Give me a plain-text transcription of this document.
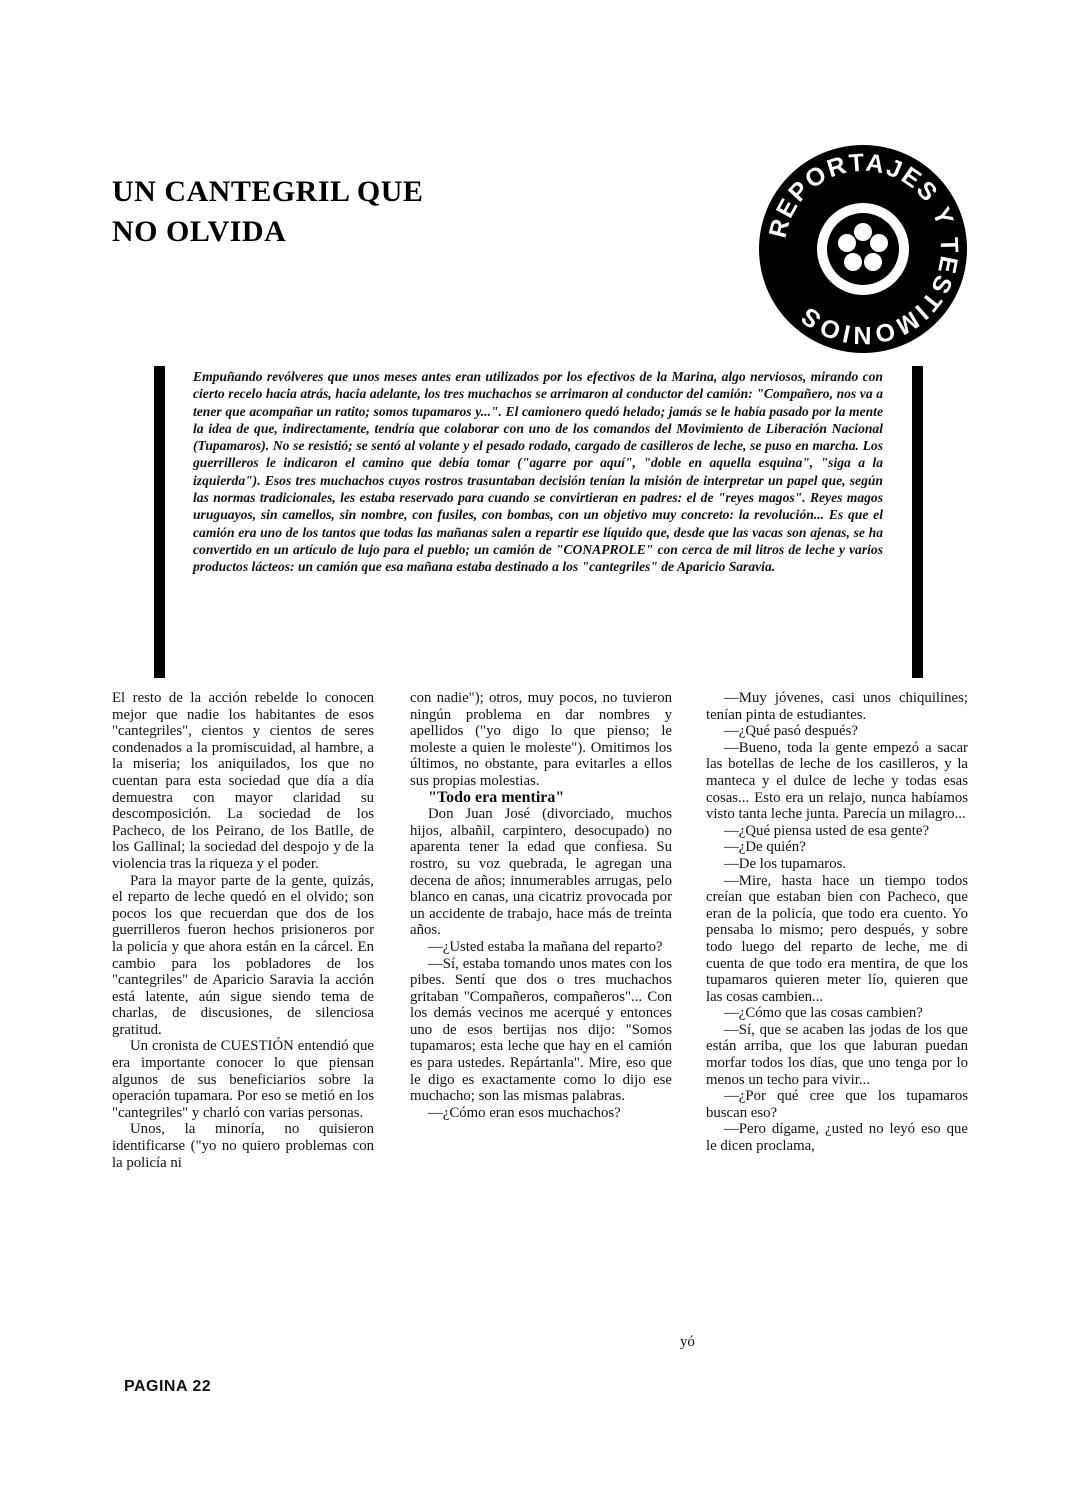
UN CANTEGRIL QUE
NO OLVIDA	REPORTAJES Y TESTIMONIOS
Empuñando revólveres que unos meses antes eran utilizados por los efectivos de la Marina, algo nerviosos, mirando con cierto recelo hacia atrás, hacia adelante, los tres muchachos se arrimaron al conductor del camión: "Compañero, nos va a tener que acompañar un ratito; somos tupamaros y...". El camionero quedó helado; jamás se le había pasado por la mente la idea de que, indirectamente, tendría que colaborar con uno de los comandos del Movimiento de Liberación Nacional (Tupamaros). No se resistió; se sentó al volante y el pesado rodado, cargado de casilleros de leche, se puso en marcha. Los guerrilleros le indicaron el camino que debía tomar ("agarre por aquí", "doble en aquella esquina", "siga a la izquierda"). Esos tres muchachos cuyos rostros trasuntaban decisión tenían la misión de interpretar un papel que, según las normas tradicionales, les estaba reservado para cuando se convirtieran en padres: el de "reyes magos". Reyes magos uruguayos, sin camellos, sin nombre, con fusiles, con bombas, con un objetivo muy concreto: la revolución... Es que el camión era uno de los tantos que todas las mañanas salen a repartir ese líquido que, desde que las vacas son ajenas, se ha convertido en un artículo de lujo para el pueblo; un camión de "CONAPROLE" con cerca de mil litros de leche y varios productos lácteos: un camión que esa mañana estaba destinado a los "cantegriles" de Aparicio Saravia.

El resto de la acción rebelde lo conocen mejor que nadie los habitantes de esos "cantegriles", cientos y cientos de seres condenados a la promiscuidad, al hambre, a la miseria; los aniquilados, los que no cuentan para esta sociedad que día a día demuestra con mayor claridad su descomposición. La sociedad de los Pacheco, de los Peirano, de los Batlle, de los Gallinal; la sociedad del despojo y de la violencia tras la riqueza y el poder.

Para la mayor parte de la gente, quizás, el reparto de leche quedó en el olvido; son pocos los que recuerdan que dos de los guerrilleros fueron hechos prisioneros por la policía y que ahora están en la cárcel. En cambio para los pobladores de los "cantegriles" de Aparicio Saravia la acción está latente, aún sigue siendo tema de charlas, de discusiones, de silenciosa gratitud.

Un cronista de CUESTIÓN entendió que era importante conocer lo que piensan algunos de sus beneficiarios sobre la operación tupamara. Por eso se metió en los "cantegriles" y charló con varias personas.

Unos, la minoría, no quisieron identificarse ("yo no quiero problemas con la policía ni

con nadie"); otros, muy pocos, no tuvieron ningún problema en dar nombres y apellidos ("yo digo lo que pienso; le moleste a quien le moleste"). Omitimos los últimos, no obstante, para evitarles a ellos sus propias molestias.

"Todo era mentira"

Don Juan José (divorciado, muchos hijos, albañil, carpintero, desocupado) no aparenta tener la edad que confiesa. Su rostro, su voz quebrada, le agregan una decena de años; innumerables arrugas, pelo blanco en canas, una cicatriz provocada por un accidente de trabajo, hace más de treinta años.

—¿Usted estaba la mañana del reparto?

—Sí, estaba tomando unos mates con los pibes. Sentí que dos o tres muchachos gritaban "Compañeros, compañeros"... Con los demás vecinos me acerqué y entonces uno de esos bertijas nos dijo: "Somos tupamaros; esta leche que hay en el camión es para ustedes. Repártanla". Mire, eso que le digo es exactamente como lo dijo ese muchacho; son las mismas palabras.

—¿Cómo eran esos muchachos?

—Muy jóvenes, casi unos chiquilines; tenían pinta de estudiantes.

—¿Qué pasó después?

—Bueno, toda la gente empezó a sacar las botellas de leche de los casilleros, y la manteca y el dulce de leche y todas esas cosas... Esto era un relajo, nunca habíamos visto tanta leche junta. Parecía un milagro...

—¿Qué piensa usted de esa gente?

—¿De quién?

—De los tupamaros.

—Mire, hasta hace un tiempo todos creían que estaban bien con Pacheco, que eran de la policía, que todo era cuento. Yo pensaba lo mismo; pero después, y sobre todo luego del reparto de leche, me di cuenta de que todo era mentira, de que los tupamaros quieren meter lío, quieren que las cosas cambien...

—¿Cómo que las cosas cambien?

—Sí, que se acaben las jodas de los que están arriba, que los que laburan puedan morfar todos los días, que uno tenga por lo menos un techo para vivir...

—¿Por qué cree que los tupamaros buscan eso?

—Pero dígame, ¿usted no leyó eso que le dicen proclama,

yó
PAGINA 22
